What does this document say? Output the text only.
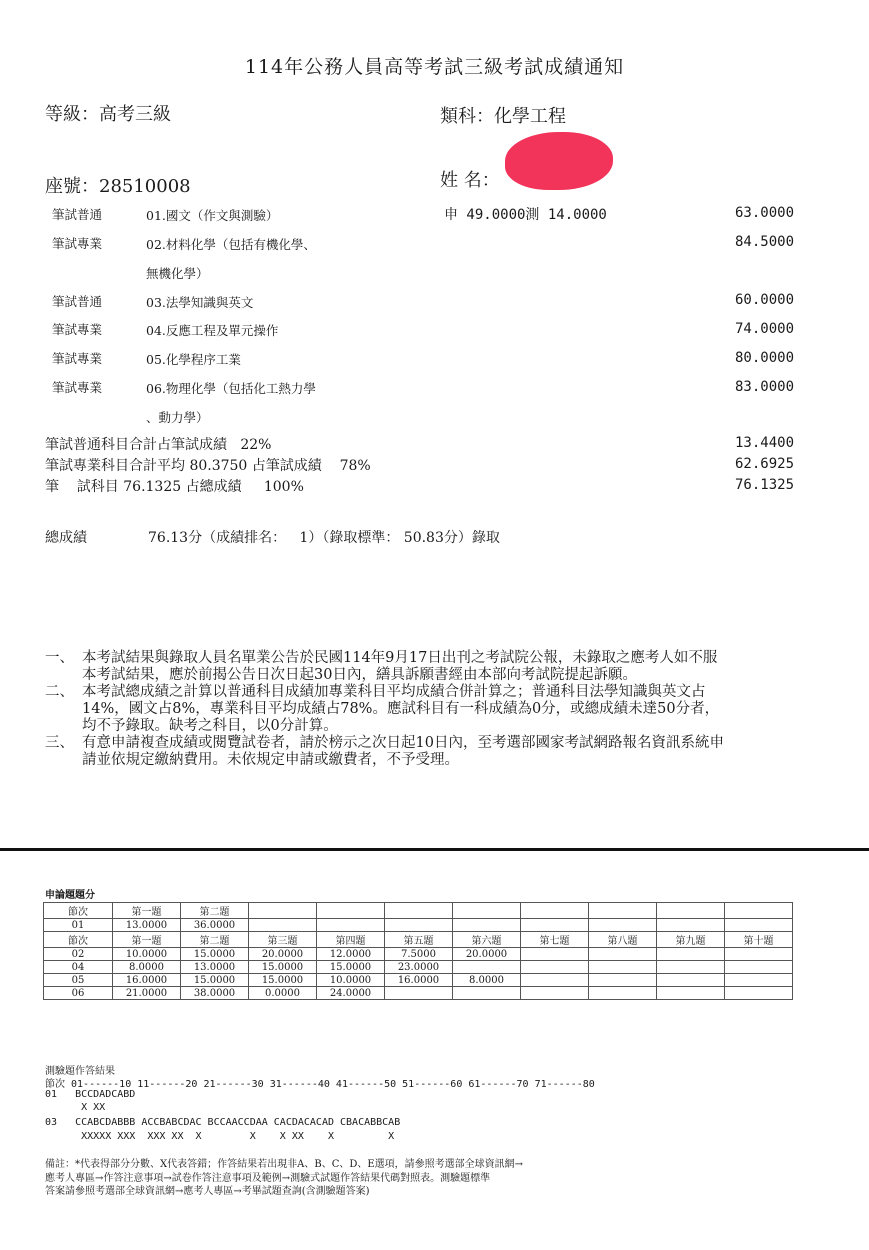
114年公務人員高等考試三級考試成績通知
等級：高考三級	類科：化學工程
座號：28510008	姓 名：
筆試普通	01.國文（作文與測驗）	申 49.0000測 14.0000	63.0000
筆試專業	02.材料化學（包括有機化學、
無機化學）
84.5000
筆試普通	03.法學知識與英文	60.0000
筆試專業	04.反應工程及單元操作	74.0000
筆試專業	05.化學程序工業	80.0000
筆試專業	06.物理化學（包括化工熱力學
、動力學）
83.0000
筆試普通科目合計占筆試成績   22%	13.4400
筆試專業科目合計平均 80.3750 占筆試成績    78%	62.6925
筆    試科目 76.1325 占總成績     100%	76.1325
總成績	76.13分（成績排名：   1）（錄取標準： 50.83分）錄取
一、 本考試結果與錄取人員名單業公告於民國114年9月17日出刊之考試院公報，未錄取之應考人如不服本考試結果，應於前揭公告日次日起30日內，繕具訴願書經由本部向考試院提起訴願。
二、 本考試總成績之計算以普通科目成績加專業科目平均成績合併計算之；普通科目法學知識與英文占14%，國文占8%，專業科目平均成績占78%。應試科目有一科成績為0分，或總成績未達50分者，均不予錄取。缺考之科目，以0分計算。
三、 有意申請複查成績或閱覽試卷者，請於榜示之次日起10日內，至考選部國家考試網路報名資訊系統申請並依規定繳納費用。未依規定申請或繳費者，不予受理。
申論題題分
節次	第一題	第二題								
01	13.0000	36.0000								
節次	第一題	第二題	第三題	第四題	第五題	第六題	第七題	第八題	第九題	第十題
02	10.0000	15.0000	20.0000	12.0000	7.5000	20.0000				
04	8.0000	13.0000	15.0000	15.0000	23.0000					
05	16.0000	15.0000	15.0000	10.0000	16.0000	8.0000				
06	21.0000	38.0000	0.0000	24.0000						
測驗題作答結果
節次 01------10 11------20 21------30 31------40 41------50 51------60 61------70 71------80
01   BCCDADCABD
X XX
03   CCABCDABBB ACCBABCDAC BCCAACCDAA CACDACACAD CBACABBCAB
XXXXX XXX  XXX XX  X        X    X XX    X         X
備註：*代表得部分分數、X代表答錯；作答結果若出現非A、B、C、D、E選項，請參照考選部全球資訊網→
應考人專區→作答注意事項→試卷作答注意事項及範例→測驗式試題作答結果代碼對照表。測驗題標準
答案請參照考選部全球資訊網→應考人專區→考畢試題查詢(含測驗題答案)
